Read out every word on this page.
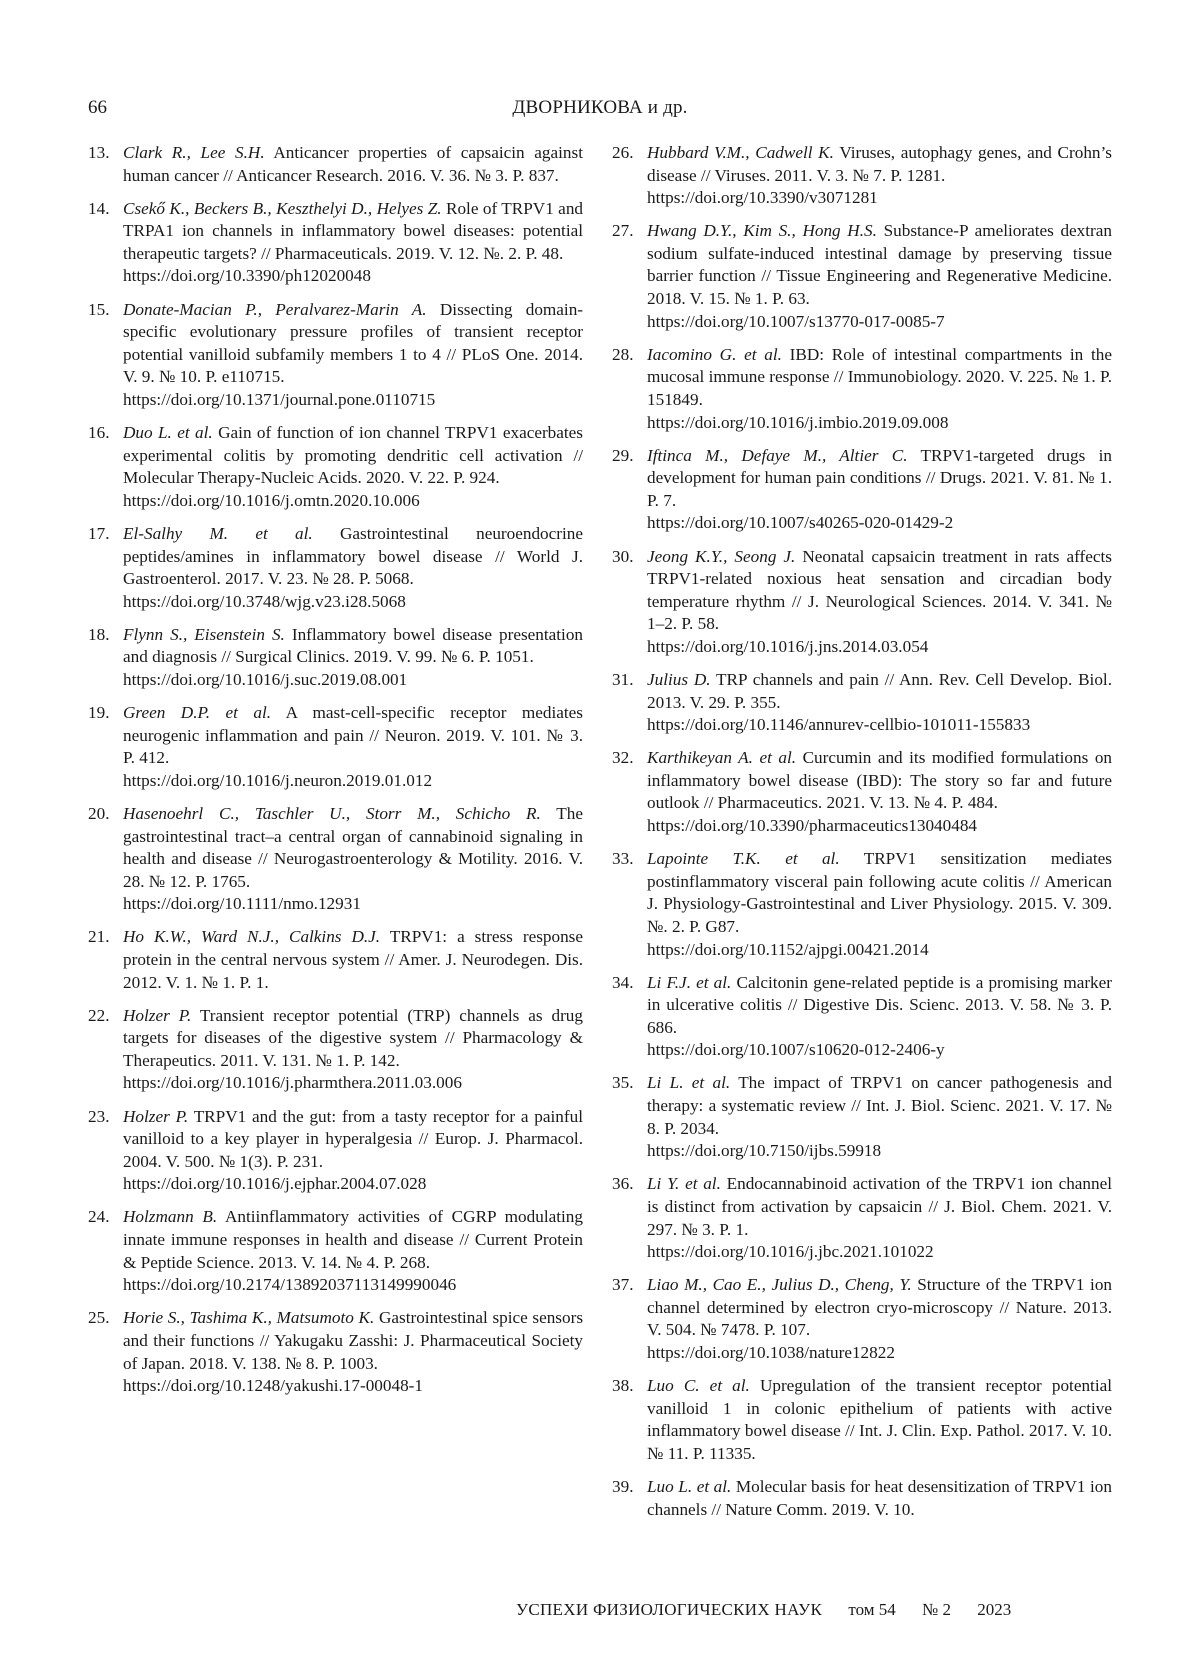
66	ДВОРНИКОВА и др.
13. Clark R., Lee S.H. Anticancer properties of capsaicin against human cancer // Anticancer Research. 2016. V. 36. № 3. P. 837.
14. Csekő K., Beckers B., Keszthelyi D., Helyes Z. Role of TRPV1 and TRPA1 ion channels in inflammatory bowel diseases: potential therapeutic targets? // Pharmaceuticals. 2019. V. 12. №. 2. P. 48.
https://doi.org/10.3390/ph12020048
15. Donate-Macian P., Peralvarez-Marin A. Dissecting domain-specific evolutionary pressure profiles of transient receptor potential vanilloid subfamily members 1 to 4 // PLoS One. 2014. V. 9. № 10. P. e110715.
https://doi.org/10.1371/journal.pone.0110715
16. Duo L. et al. Gain of function of ion channel TRPV1 exacerbates experimental colitis by promoting dendritic cell activation // Molecular Therapy-Nucleic Acids. 2020. V. 22. P. 924.
https://doi.org/10.1016/j.omtn.2020.10.006
17. El-Salhy M. et al. Gastrointestinal neuroendocrine peptides/amines in inflammatory bowel disease // World J. Gastroenterol. 2017. V. 23. № 28. P. 5068.
https://doi.org/10.3748/wjg.v23.i28.5068
18. Flynn S., Eisenstein S. Inflammatory bowel disease presentation and diagnosis // Surgical Clinics. 2019. V. 99. № 6. P. 1051.
https://doi.org/10.1016/j.suc.2019.08.001
19. Green D.P. et al. A mast-cell-specific receptor mediates neurogenic inflammation and pain // Neuron. 2019. V. 101. № 3. P. 412.
https://doi.org/10.1016/j.neuron.2019.01.012
20. Hasenoehrl C., Taschler U., Storr M., Schicho R. The gastrointestinal tract–a central organ of cannabinoid signaling in health and disease // Neurogastroenterology & Motility. 2016. V. 28. № 12. P. 1765.
https://doi.org/10.1111/nmo.12931
21. Ho K.W., Ward N.J., Calkins D.J. TRPV1: a stress response protein in the central nervous system // Amer. J. Neurodegen. Dis. 2012. V. 1. № 1. P. 1.
22. Holzer P. Transient receptor potential (TRP) channels as drug targets for diseases of the digestive system // Pharmacology & Therapeutics. 2011. V. 131. № 1. P. 142.
https://doi.org/10.1016/j.pharmthera.2011.03.006
23. Holzer P. TRPV1 and the gut: from a tasty receptor for a painful vanilloid to a key player in hyperalgesia // Europ. J. Pharmacol. 2004. V. 500. № 1(3). P. 231.
https://doi.org/10.1016/j.ejphar.2004.07.028
24. Holzmann B. Antiinflammatory activities of CGRP modulating innate immune responses in health and disease // Current Protein & Peptide Science. 2013. V. 14. № 4. P. 268.
https://doi.org/10.2174/13892037113149990046
25. Horie S., Tashima K., Matsumoto K. Gastrointestinal spice sensors and their functions // Yakugaku Zasshi: J. Pharmaceutical Society of Japan. 2018. V. 138. № 8. P. 1003.
https://doi.org/10.1248/yakushi.17-00048-1
26. Hubbard V.M., Cadwell K. Viruses, autophagy genes, and Crohn’s disease // Viruses. 2011. V. 3. № 7. P. 1281.
https://doi.org/10.3390/v3071281
27. Hwang D.Y., Kim S., Hong H.S. Substance-P ameliorates dextran sodium sulfate-induced intestinal damage by preserving tissue barrier function // Tissue Engineering and Regenerative Medicine. 2018. V. 15. № 1. P. 63.
https://doi.org/10.1007/s13770-017-0085-7
28. Iacomino G. et al. IBD: Role of intestinal compartments in the mucosal immune response // Immunobiology. 2020. V. 225. № 1. P. 151849.
https://doi.org/10.1016/j.imbio.2019.09.008
29. Iftinca M., Defaye M., Altier C. TRPV1-targeted drugs in development for human pain conditions // Drugs. 2021. V. 81. № 1. P. 7.
https://doi.org/10.1007/s40265-020-01429-2
30. Jeong K.Y., Seong J. Neonatal capsaicin treatment in rats affects TRPV1-related noxious heat sensation and circadian body temperature rhythm // J. Neurological Sciences. 2014. V. 341. № 1–2. P. 58.
https://doi.org/10.1016/j.jns.2014.03.054
31. Julius D. TRP channels and pain // Ann. Rev. Cell Develop. Biol. 2013. V. 29. P. 355.
https://doi.org/10.1146/annurev-cellbio-101011-155833
32. Karthikeyan A. et al. Curcumin and its modified formulations on inflammatory bowel disease (IBD): The story so far and future outlook // Pharmaceutics. 2021. V. 13. № 4. P. 484.
https://doi.org/10.3390/pharmaceutics13040484
33. Lapointe T.K. et al. TRPV1 sensitization mediates postinflammatory visceral pain following acute colitis // American J. Physiology-Gastrointestinal and Liver Physiology. 2015. V. 309. №. 2. P. G87.
https://doi.org/10.1152/ajpgi.00421.2014
34. Li F.J. et al. Calcitonin gene-related peptide is a promising marker in ulcerative colitis // Digestive Dis. Scienc. 2013. V. 58. № 3. P. 686.
https://doi.org/10.1007/s10620-012-2406-y
35. Li L. et al. The impact of TRPV1 on cancer pathogenesis and therapy: a systematic review // Int. J. Biol. Scienc. 2021. V. 17. № 8. P. 2034.
https://doi.org/10.7150/ijbs.59918
36. Li Y. et al. Endocannabinoid activation of the TRPV1 ion channel is distinct from activation by capsaicin // J. Biol. Chem. 2021. V. 297. № 3. P. 1.
https://doi.org/10.1016/j.jbc.2021.101022
37. Liao M., Cao E., Julius D., Cheng, Y. Structure of the TRPV1 ion channel determined by electron cryo-microscopy // Nature. 2013. V. 504. № 7478. P. 107.
https://doi.org/10.1038/nature12822
38. Luo C. et al. Upregulation of the transient receptor potential vanilloid 1 in colonic epithelium of patients with active inflammatory bowel disease // Int. J. Clin. Exp. Pathol. 2017. V. 10. № 11. P. 11335.
39. Luo L. et al. Molecular basis for heat desensitization of TRPV1 ion channels // Nature Comm. 2019. V. 10.
УСПЕХИ ФИЗИОЛОГИЧЕСКИХ НАУК том 54 № 2 2023
